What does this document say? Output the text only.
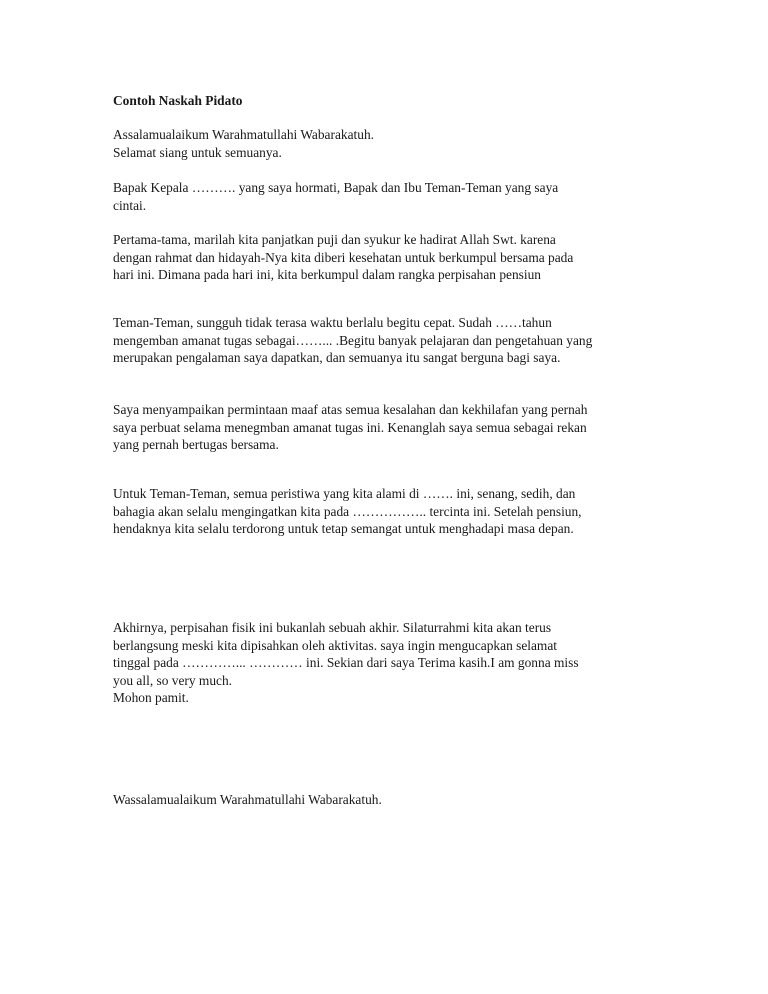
Contoh Naskah Pidato

Assalamualaikum Warahmatullahi Wabarakatuh.
Selamat siang untuk semuanya.

Bapak Kepala ………. yang saya hormati, Bapak dan Ibu Teman-Teman yang saya
cintai.

Pertama-tama, marilah kita panjatkan puji dan syukur ke hadirat Allah Swt. karena
dengan rahmat dan hidayah-Nya kita diberi kesehatan untuk berkumpul bersama pada
hari ini. Dimana pada hari ini, kita berkumpul dalam rangka perpisahan pensiun

Teman-Teman, sungguh tidak terasa waktu berlalu begitu cepat. Sudah ……tahun
mengemban amanat tugas sebagai……... .Begitu banyak pelajaran dan pengetahuan yang
merupakan pengalaman saya dapatkan, dan semuanya itu sangat berguna bagi saya.

Saya menyampaikan permintaan maaf atas semua kesalahan dan kekhilafan yang pernah
saya perbuat selama menegmban amanat tugas ini. Kenanglah saya semua sebagai rekan
yang pernah bertugas bersama.

Untuk Teman-Teman, semua peristiwa yang kita alami di ……. ini, senang, sedih, dan
bahagia akan selalu mengingatkan kita pada …………….. tercinta ini. Setelah pensiun,
hendaknya kita selalu terdorong untuk tetap semangat untuk menghadapi masa depan.

Akhirnya, perpisahan fisik ini bukanlah sebuah akhir. Silaturrahmi kita akan terus
berlangsung meski kita dipisahkan oleh aktivitas. saya ingin mengucapkan selamat
tinggal pada …………... ………… ini. Sekian dari saya Terima kasih.I am gonna miss
you all, so very much.
Mohon pamit.

Wassalamualaikum Warahmatullahi Wabarakatuh.
